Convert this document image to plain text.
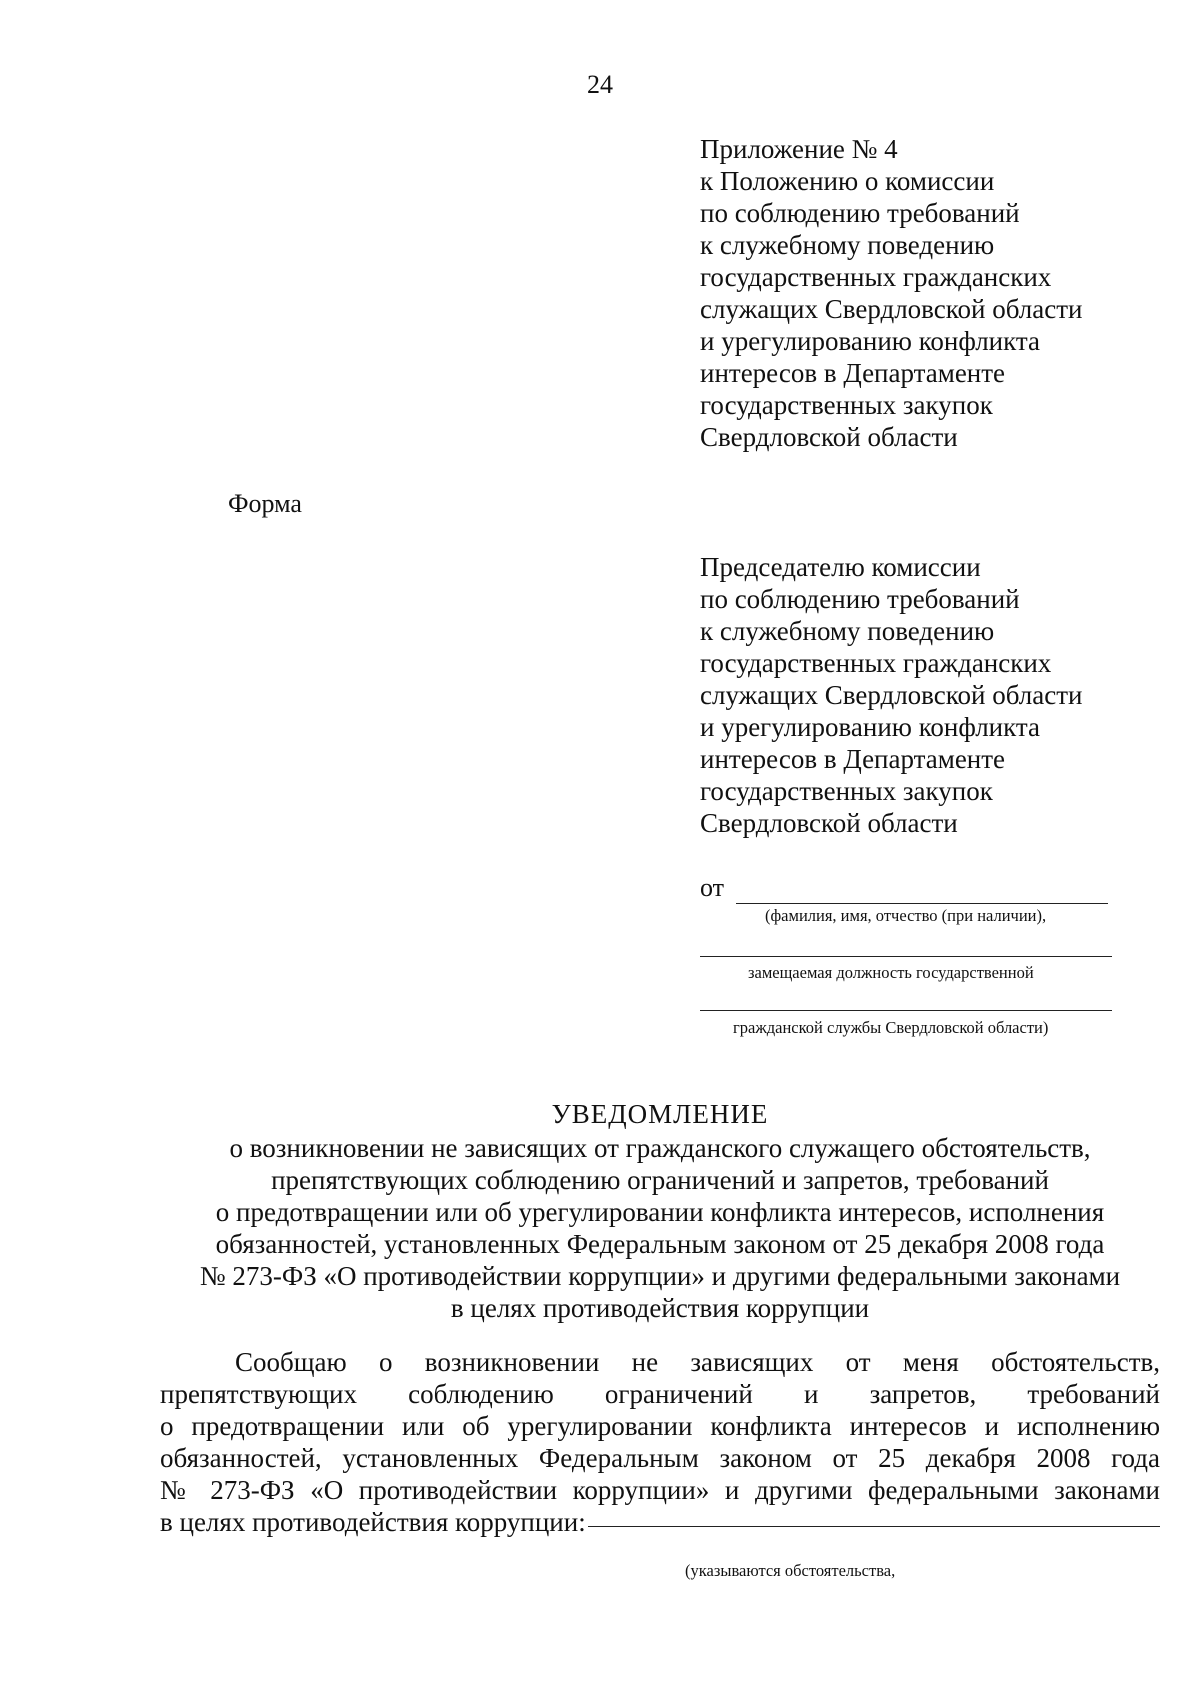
24
Приложение № 4
к Положению о комиссии
по соблюдению требований
к служебному поведению
государственных гражданских
служащих Свердловской области
и урегулированию конфликта
интересов в Департаменте
государственных закупок
Свердловской области
Форма
Председателю комиссии
по соблюдению требований
к служебному поведению
государственных гражданских
служащих Свердловской области
и урегулированию конфликта
интересов в Департаменте
государственных закупок
Свердловской области
от
(фамилия, имя, отчество (при наличии),
замещаемая должность государственной
гражданской службы Свердловской области)
УВЕДОМЛЕНИЕ
о возникновении не зависящих от гражданского служащего обстоятельств,
препятствующих соблюдению ограничений и запретов, требований
о предотвращении или об урегулировании конфликта интересов, исполнения
обязанностей, установленных Федеральным законом от 25 декабря 2008 года
№ 273-ФЗ «О противодействии коррупции» и другими федеральными законами
в целях противодействия коррупции
Сообщаю о возникновении не зависящих от меня обстоятельств,
препятствующих соблюдению ограничений и запретов, требований
о предотвращении или об урегулировании конфликта интересов и исполнению
обязанностей, установленных Федеральным законом от 25 декабря 2008 года
№ 273-ФЗ «О противодействии коррупции» и другими федеральными законами
в целях противодействия коррупции:
(указываются обстоятельства,
